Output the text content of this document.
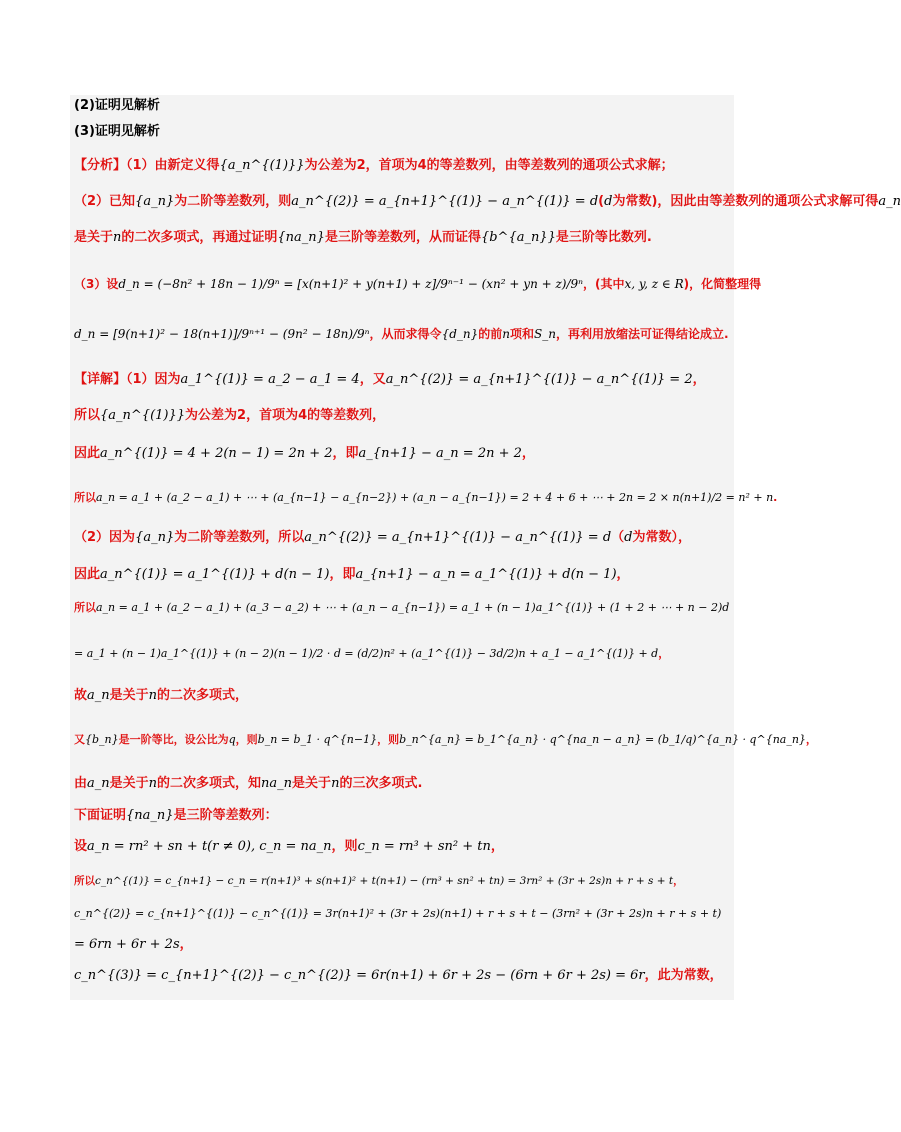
(2)证明见解析
(3)证明见解析
【分析】（1）由新定义得{a_n^{(1)}}为公差为2，首项为4的等差数列，由等差数列的通项公式求解；
（2）已知{a_n}为二阶等差数列，则a_n^{(2)} = a_{n+1}^{(1)} − a_n^{(1)} = d(d为常数)，因此由等差数列的通项公式求解可得a_n
是关于n的二次多项式，再通过证明{na_n}是三阶等差数列，从而证得{b^{a_n}}是三阶等比数列.
（3）设d_n = (−8n² + 18n − 1)/9ⁿ = [x(n+1)² + y(n+1) + z]/9ⁿ⁻¹ − (xn² + yn + z)/9ⁿ，(其中x, y, z ∈ R)，化简整理得
d_n = [9(n+1)² − 18(n+1)]/9ⁿ⁺¹ − (9n² − 18n)/9ⁿ，从而求得令{d_n}的前n项和S_n，再利用放缩法可证得结论成立.
【详解】（1）因为a_1^{(1)} = a_2 − a_1 = 4，又a_n^{(2)} = a_{n+1}^{(1)} − a_n^{(1)} = 2，
所以{a_n^{(1)}}为公差为2，首项为4的等差数列，
因此a_n^{(1)} = 4 + 2(n − 1) = 2n + 2，即a_{n+1} − a_n = 2n + 2，
所以a_n = a_1 + (a_2 − a_1) + ⋯ + (a_{n−1} − a_{n−2}) + (a_n − a_{n−1}) = 2 + 4 + 6 + ⋯ + 2n = 2 × n(n+1)/2 = n² + n.
（2）因为{a_n}为二阶等差数列，所以a_n^{(2)} = a_{n+1}^{(1)} − a_n^{(1)} = d（d为常数），
因此a_n^{(1)} = a_1^{(1)} + d(n − 1)，即a_{n+1} − a_n = a_1^{(1)} + d(n − 1)，
所以a_n = a_1 + (a_2 − a_1) + (a_3 − a_2) + ⋯ + (a_n − a_{n−1}) = a_1 + (n − 1)a_1^{(1)} + (1 + 2 + ⋯ + n − 2)d
= a_1 + (n − 1)a_1^{(1)} + (n − 2)(n − 1)/2 · d = (d/2)n² + (a_1^{(1)} − 3d/2)n + a_1 − a_1^{(1)} + d，
故a_n是关于n的二次多项式，
又{b_n}是一阶等比，设公比为q，则b_n = b_1 · q^{n−1}，则b_n^{a_n} = b_1^{a_n} · q^{na_n − a_n} = (b_1/q)^{a_n} · q^{na_n}，
由a_n是关于n的二次多项式，知na_n是关于n的三次多项式.
下面证明{na_n}是三阶等差数列：
设a_n = rn² + sn + t(r ≠ 0), c_n = na_n，则c_n = rn³ + sn² + tn，
所以c_n^{(1)} = c_{n+1} − c_n = r(n+1)³ + s(n+1)² + t(n+1) − (rn³ + sn² + tn) = 3rn² + (3r + 2s)n + r + s + t，
c_n^{(2)} = c_{n+1}^{(1)} − c_n^{(1)} = 3r(n+1)² + (3r + 2s)(n+1) + r + s + t − (3rn² + (3r + 2s)n + r + s + t)
= 6rn + 6r + 2s，
c_n^{(3)} = c_{n+1}^{(2)} − c_n^{(2)} = 6r(n+1) + 6r + 2s − (6rn + 6r + 2s) = 6r，此为常数，
